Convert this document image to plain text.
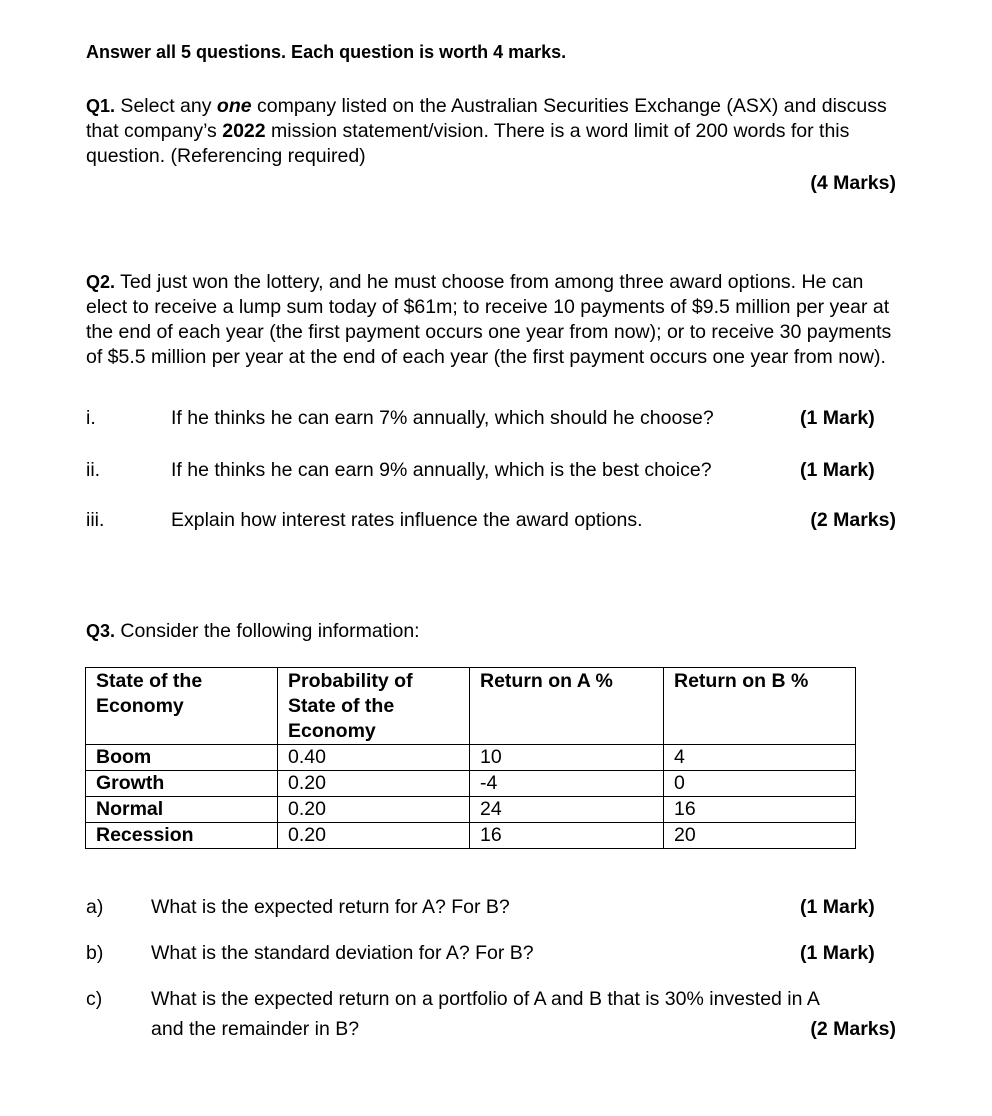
Answer all 5 questions. Each question is worth 4 marks.
Q1. Select any one company listed on the Australian Securities Exchange (ASX) and discuss that company’s 2022 mission statement/vision. There is a word limit of 200 words for this question. (Referencing required)
(4 Marks)
Q2. Ted just won the lottery, and he must choose from among three award options. He can elect to receive a lump sum today of $61m; to receive 10 payments of $9.5 million per year at the end of each year (the first payment occurs one year from now); or to receive 30 payments of $5.5 million per year at the end of each year (the first payment occurs one year from now).
i.	If he thinks he can earn 7% annually, which should he choose?	(1 Mark)
ii.	If he thinks he can earn 9% annually, which is the best choice?	(1 Mark)
iii.	Explain how interest rates influence the award options.	(2 Marks)
Q3. Consider the following information:
State of the Economy	Probability of State of the Economy	Return on A %	Return on B %
Boom	0.40	10	4
Growth	0.20	-4	0
Normal	0.20	24	16
Recession	0.20	16	20
a) What is the expected return for A? For B?	(1 Mark)
b) What is the standard deviation for A? For B?	(1 Mark)
c)	What is the expected return on a portfolio of A and B that is 30% invested in A
and the remainder in B?	(2 Marks)
